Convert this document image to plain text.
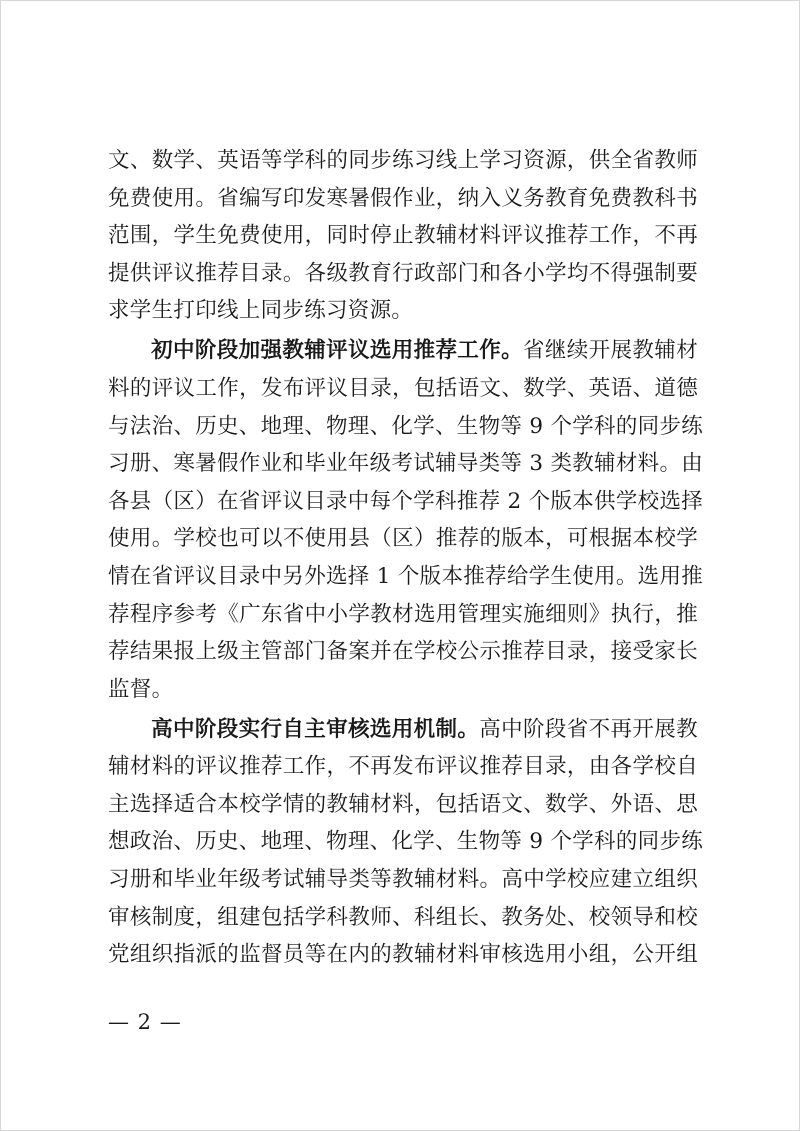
文、数学、英语等学科的同步练习线上学习资源，供全省教师
免费使用。省编写印发寒暑假作业，纳入义务教育免费教科书
范围，学生免费使用，同时停止教辅材料评议推荐工作，不再
提供评议推荐目录。各级教育行政部门和各小学均不得强制要
求学生打印线上同步练习资源。
初中阶段加强教辅评议选用推荐工作。省继续开展教辅材
料的评议工作，发布评议目录，包括语文、数学、英语、道德
与法治、历史、地理、物理、化学、生物等 9 个学科的同步练
习册、寒暑假作业和毕业年级考试辅导类等 3 类教辅材料。由
各县（区）在省评议目录中每个学科推荐 2 个版本供学校选择
使用。学校也可以不使用县（区）推荐的版本，可根据本校学
情在省评议目录中另外选择 1 个版本推荐给学生使用。选用推
荐程序参考《广东省中小学教材选用管理实施细则》执行，推
荐结果报上级主管部门备案并在学校公示推荐目录，接受家长
监督。
高中阶段实行自主审核选用机制。高中阶段省不再开展教
辅材料的评议推荐工作，不再发布评议推荐目录，由各学校自
主选择适合本校学情的教辅材料，包括语文、数学、外语、思
想政治、历史、地理、物理、化学、生物等 9 个学科的同步练
习册和毕业年级考试辅导类等教辅材料。高中学校应建立组织
审核制度，组建包括学科教师、科组长、教务处、校领导和校
党组织指派的监督员等在内的教辅材料审核选用小组，公开组
— 2 —
